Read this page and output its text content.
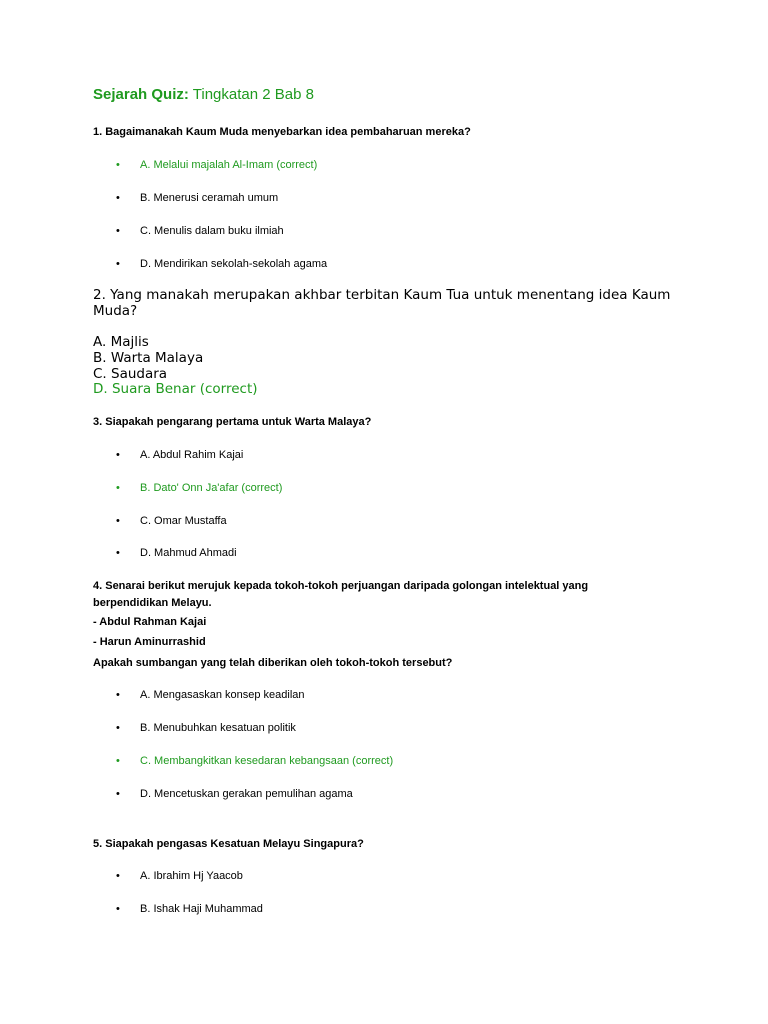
Sejarah Quiz: Tingkatan 2 Bab 8
1. Bagaimanakah Kaum Muda menyebarkan idea pembaharuan mereka?
• A. Melalui majalah Al-Imam (correct)
• B. Menerusi ceramah umum
• C. Menulis dalam buku ilmiah
• D. Mendirikan sekolah-sekolah agama
2. Yang manakah merupakan akhbar terbitan Kaum Tua untuk menentang idea Kaum Muda?
A. Majlis
B. Warta Malaya
C. Saudara
D. Suara Benar (correct)
3. Siapakah pengarang pertama untuk Warta Malaya?
• A. Abdul Rahim Kajai
• B. Dato' Onn Ja'afar (correct)
• C. Omar Mustaffa
• D. Mahmud Ahmadi
4. Senarai berikut merujuk kepada tokoh-tokoh perjuangan daripada golongan intelektual yang
berpendidikan Melayu.
- Abdul Rahman Kajai
- Harun Aminurrashid
Apakah sumbangan yang telah diberikan oleh tokoh-tokoh tersebut?
• A. Mengasaskan konsep keadilan
• B. Menubuhkan kesatuan politik
• C. Membangkitkan kesedaran kebangsaan (correct)
• D. Mencetuskan gerakan pemulihan agama
5. Siapakah pengasas Kesatuan Melayu Singapura?
• A. Ibrahim Hj Yaacob
• B. Ishak Haji Muhammad
